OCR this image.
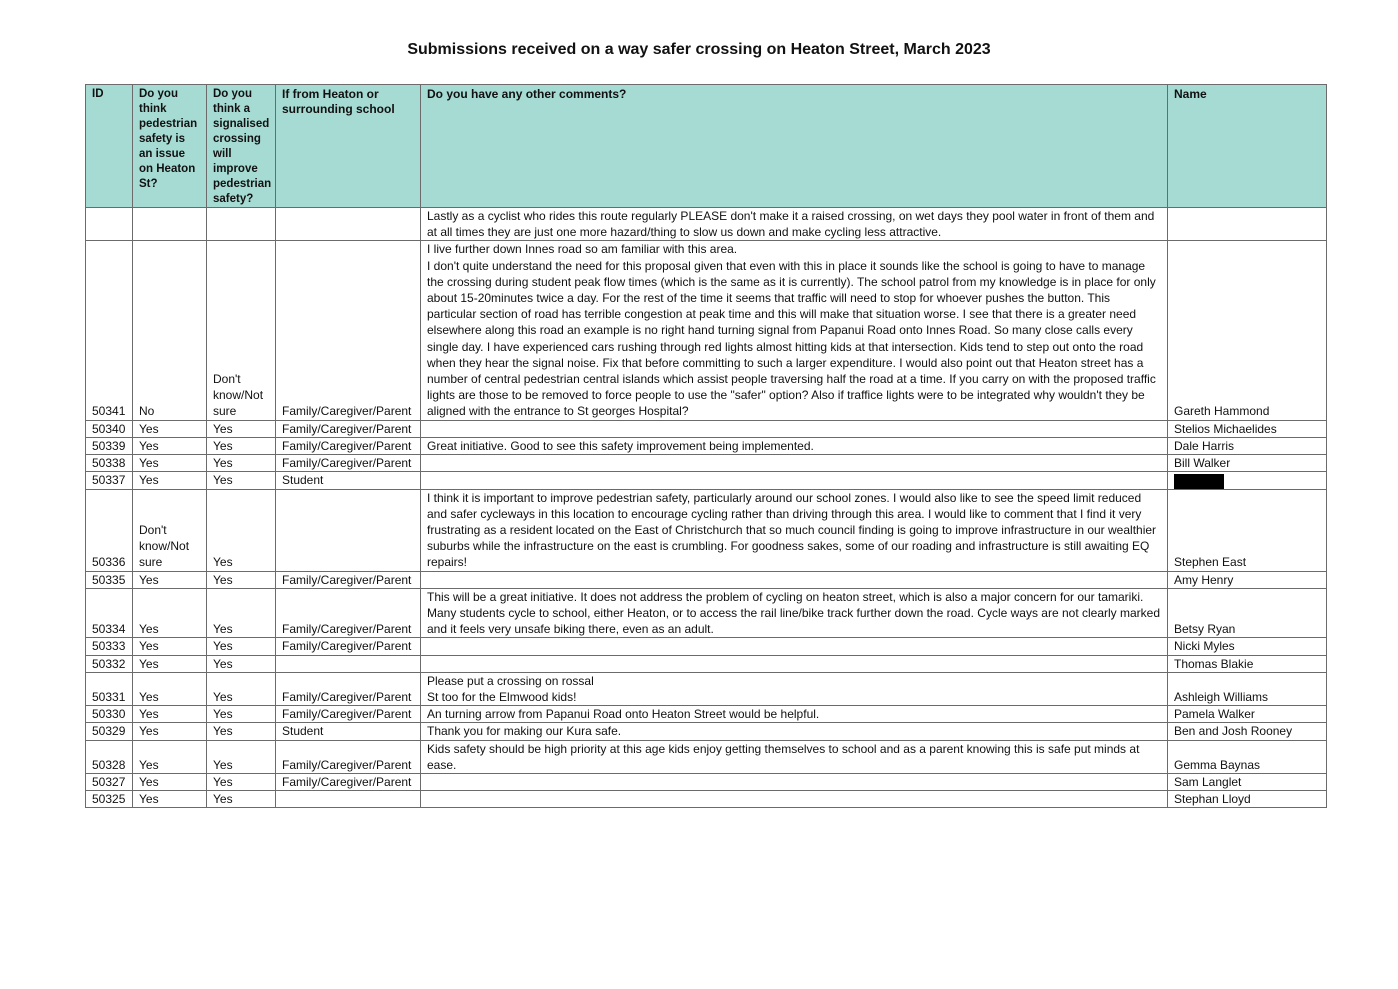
Submissions received on a way safer crossing on Heaton Street, March 2023
ID	Do you think pedestrian safety is an issue on Heaton St?	Do you think a signalised crossing will improve pedestrian safety?	If from Heaton or surrounding school	Do you have any other comments?	Name
				Lastly as a cyclist who rides this route regularly PLEASE don't make it a raised crossing, on wet days they pool water in front of them and at all times they are just one more hazard/thing to slow us down and make cycling less attractive.	
50341	No	Don't know/Not sure	Family/Caregiver/Parent	I live further down Innes road so am familiar with this area.
I don't quite understand the need for this proposal given that even with this in place it sounds like the school is going to have to manage the crossing during student peak flow times (which is the same as it is currently). The school patrol from my knowledge is in place for only about 15-20minutes twice a day. For the rest of the time it seems that traffic will need to stop for whoever pushes the button. This particular section of road has terrible congestion at peak time and this will make that situation worse. I see that there is a greater need elsewhere along this road an example is no right hand turning signal from Papanui Road onto Innes Road. So many close calls every single day. I have experienced cars rushing through red lights almost hitting kids at that intersection. Kids tend to step out onto the road when they hear the signal noise. Fix that before committing to such a larger expenditure. I would also point out that Heaton street has a number of central pedestrian central islands which assist people traversing half the road at a time. If you carry on with the proposed traffic lights are those to be removed to force people to use the "safer" option? Also if traffice lights were to be integrated why wouldn't they be aligned with the entrance to St georges Hospital?	Gareth Hammond
50340	Yes	Yes	Family/Caregiver/Parent		Stelios Michaelides
50339	Yes	Yes	Family/Caregiver/Parent	Great initiative. Good to see this safety improvement being implemented.	Dale Harris
50338	Yes	Yes	Family/Caregiver/Parent		Bill Walker
50337	Yes	Yes	Student		
50336	Don't know/Not sure	Yes		I think it is important to improve pedestrian safety, particularly around our school zones. I would also like to see the speed limit reduced and safer cycleways in this location to encourage cycling rather than driving through this area. I would like to comment that I find it very frustrating as a resident located on the East of Christchurch that so much council finding is going to improve infrastructure in our wealthier suburbs while the infrastructure on the east is crumbling. For goodness sakes, some of our roading and infrastructure is still awaiting EQ repairs!	Stephen East
50335	Yes	Yes	Family/Caregiver/Parent		Amy Henry
50334	Yes	Yes	Family/Caregiver/Parent	This will be a great initiative. It does not address the problem of cycling on heaton street, which is also a major concern for our tamariki. Many students cycle to school, either Heaton, or to access the rail line/bike track further down the road. Cycle ways are not clearly marked and it feels very unsafe biking there, even as an adult.	Betsy Ryan
50333	Yes	Yes	Family/Caregiver/Parent		Nicki Myles
50332	Yes	Yes			Thomas Blakie
50331	Yes	Yes	Family/Caregiver/Parent	Please put a crossing on rossal
St too for the Elmwood kids!	Ashleigh Williams
50330	Yes	Yes	Family/Caregiver/Parent	An turning arrow from Papanui Road onto Heaton Street would be helpful.	Pamela Walker
50329	Yes	Yes	Student	Thank you for making our Kura safe.	Ben and Josh Rooney
50328	Yes	Yes	Family/Caregiver/Parent	Kids safety should be high priority at this age kids enjoy getting themselves to school and as a parent knowing this is safe put minds at ease.	Gemma Baynas
50327	Yes	Yes	Family/Caregiver/Parent		Sam Langlet
50325	Yes	Yes			Stephan Lloyd
